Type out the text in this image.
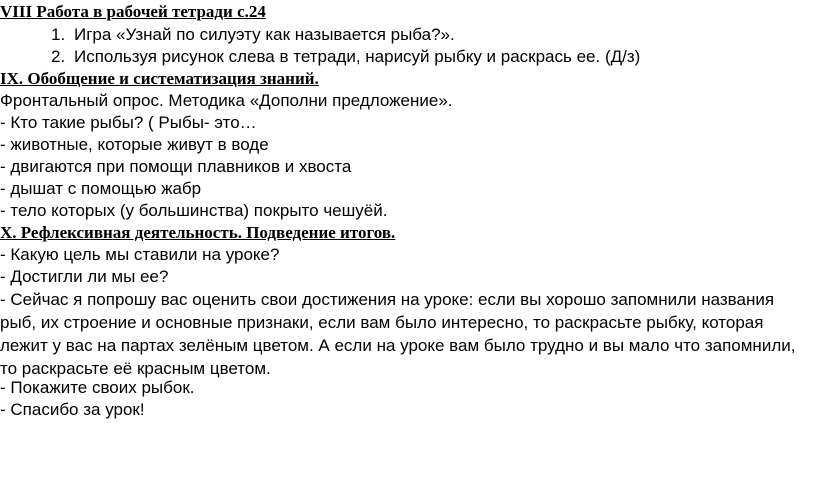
VIII Работа в рабочей тетради с.24
1. Игра «Узнай по силуэту как называется рыба?».
2. Используя рисунок слева в тетради, нарисуй рыбку и раскрась ее. (Д/з)
IX. Обобщение и систематизация знаний.
Фронтальный опрос. Методика «Дополни предложение».
- Кто такие рыбы? ( Рыбы- это…
- животные, которые живут в воде
- двигаются при помощи плавников и хвоста
- дышат с помощью жабр
- тело которых (у большинства) покрыто чешуёй.
X. Рефлексивная деятельность. Подведение итогов.
- Какую цель мы ставили на уроке?
- Достигли ли мы ее?
- Сейчас я попрошу вас оценить свои достижения на уроке: если вы хорошо запомнили названия рыб, их строение и основные признаки, если вам было интересно, то раскрасьте рыбку, которая лежит у вас на партах зелёным цветом. А если на уроке вам было трудно и вы мало что запомнили, то раскрасьте её красным цветом.
- Покажите своих рыбок.
- Спасибо за урок!
